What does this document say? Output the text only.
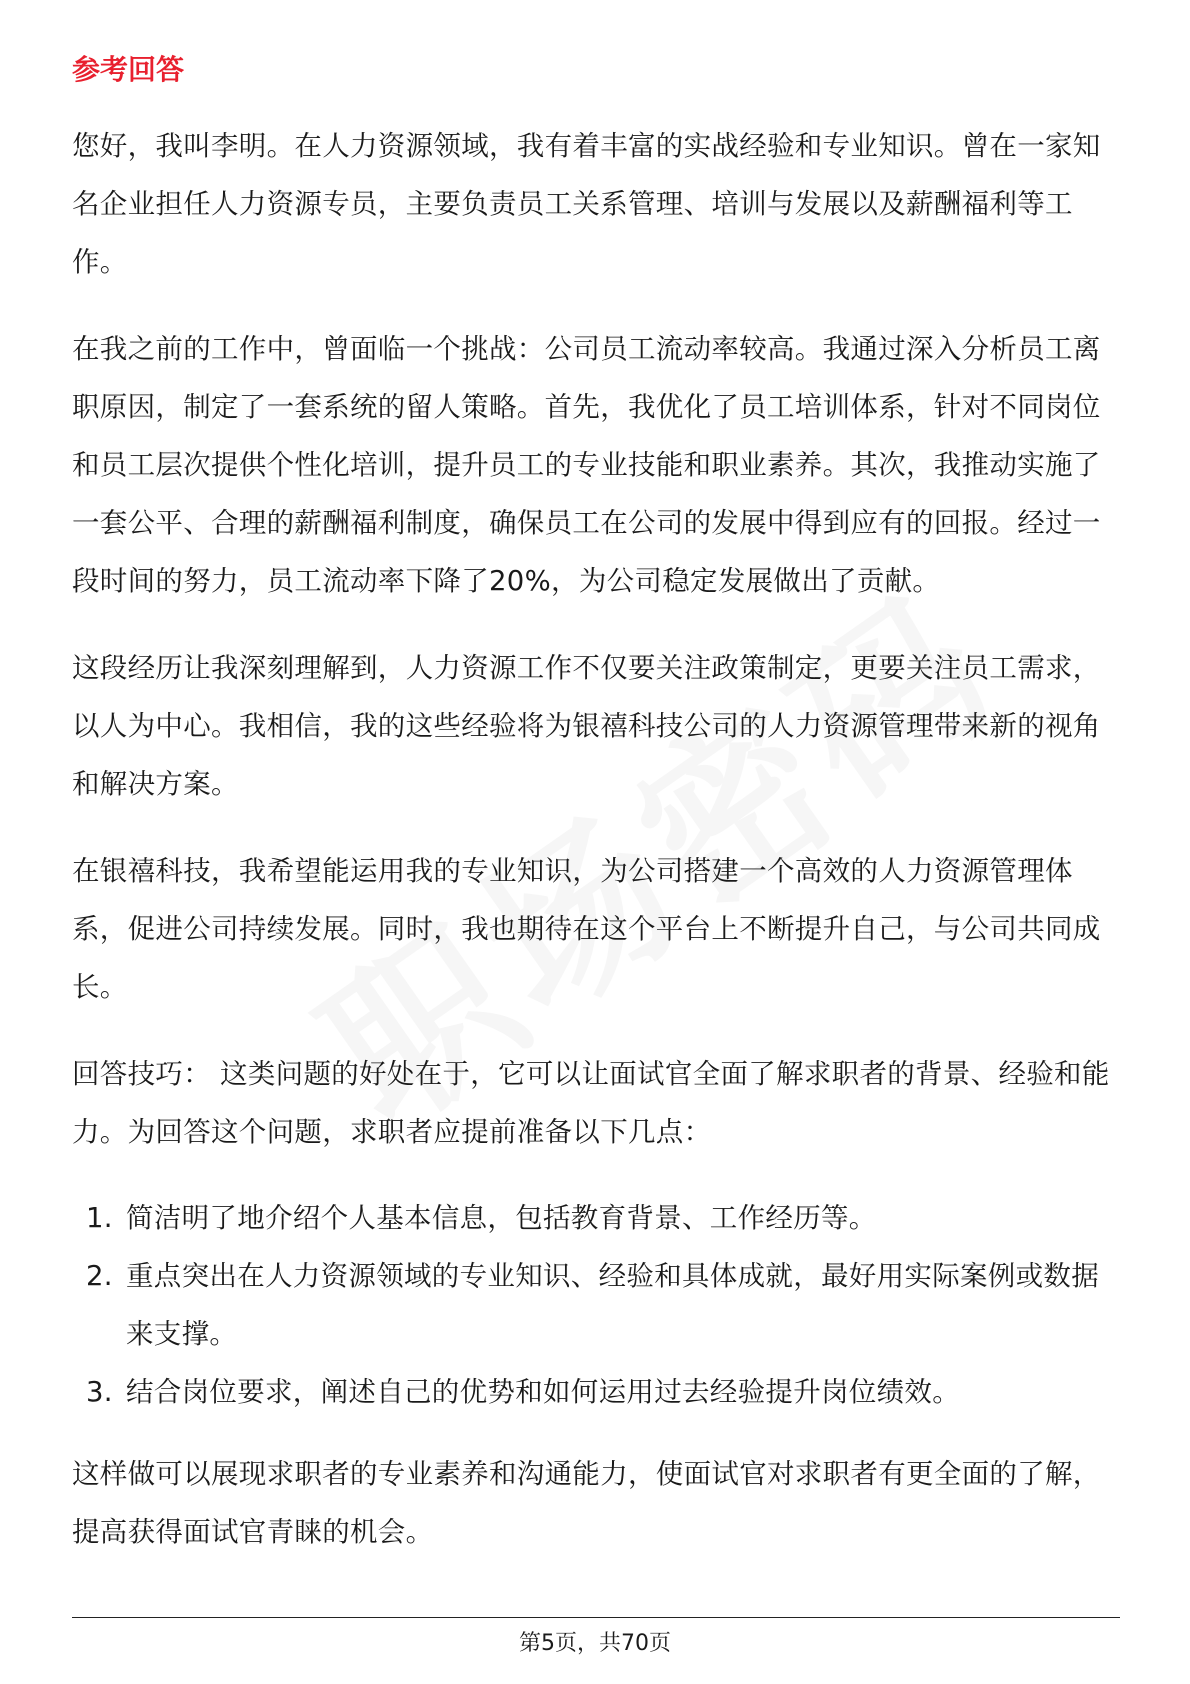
参考回答

您好，我叫李明。在人力资源领域，我有着丰富的实战经验和专业知识。曾在一家知名企业担任人力资源专员，主要负责员工关系管理、培训与发展以及薪酬福利等工作。

在我之前的工作中，曾面临一个挑战：公司员工流动率较高。我通过深入分析员工离职原因，制定了一套系统的留人策略。首先，我优化了员工培训体系，针对不同岗位和员工层次提供个性化培训，提升员工的专业技能和职业素养。其次，我推动实施了一套公平、合理的薪酬福利制度，确保员工在公司的发展中得到应有的回报。经过一段时间的努力，员工流动率下降了20%，为公司稳定发展做出了贡献。

这段经历让我深刻理解到，人力资源工作不仅要关注政策制定，更要关注员工需求，以人为中心。我相信，我的这些经验将为银禧科技公司的人力资源管理带来新的视角和解决方案。

在银禧科技，我希望能运用我的专业知识，为公司搭建一个高效的人力资源管理体系，促进公司持续发展。同时，我也期待在这个平台上不断提升自己，与公司共同成长。

回答技巧： 这类问题的好处在于，它可以让面试官全面了解求职者的背景、经验和能力。为回答这个问题，求职者应提前准备以下几点：

1. 简洁明了地介绍个人基本信息，包括教育背景、工作经历等。
2. 重点突出在人力资源领域的专业知识、经验和具体成就，最好用实际案例或数据来支撑。
3. 结合岗位要求，阐述自己的优势和如何运用过去经验提升岗位绩效。

这样做可以展现求职者的专业素养和沟通能力，使面试官对求职者有更全面的了解，提高获得面试官青睐的机会。

第5页，共70页
